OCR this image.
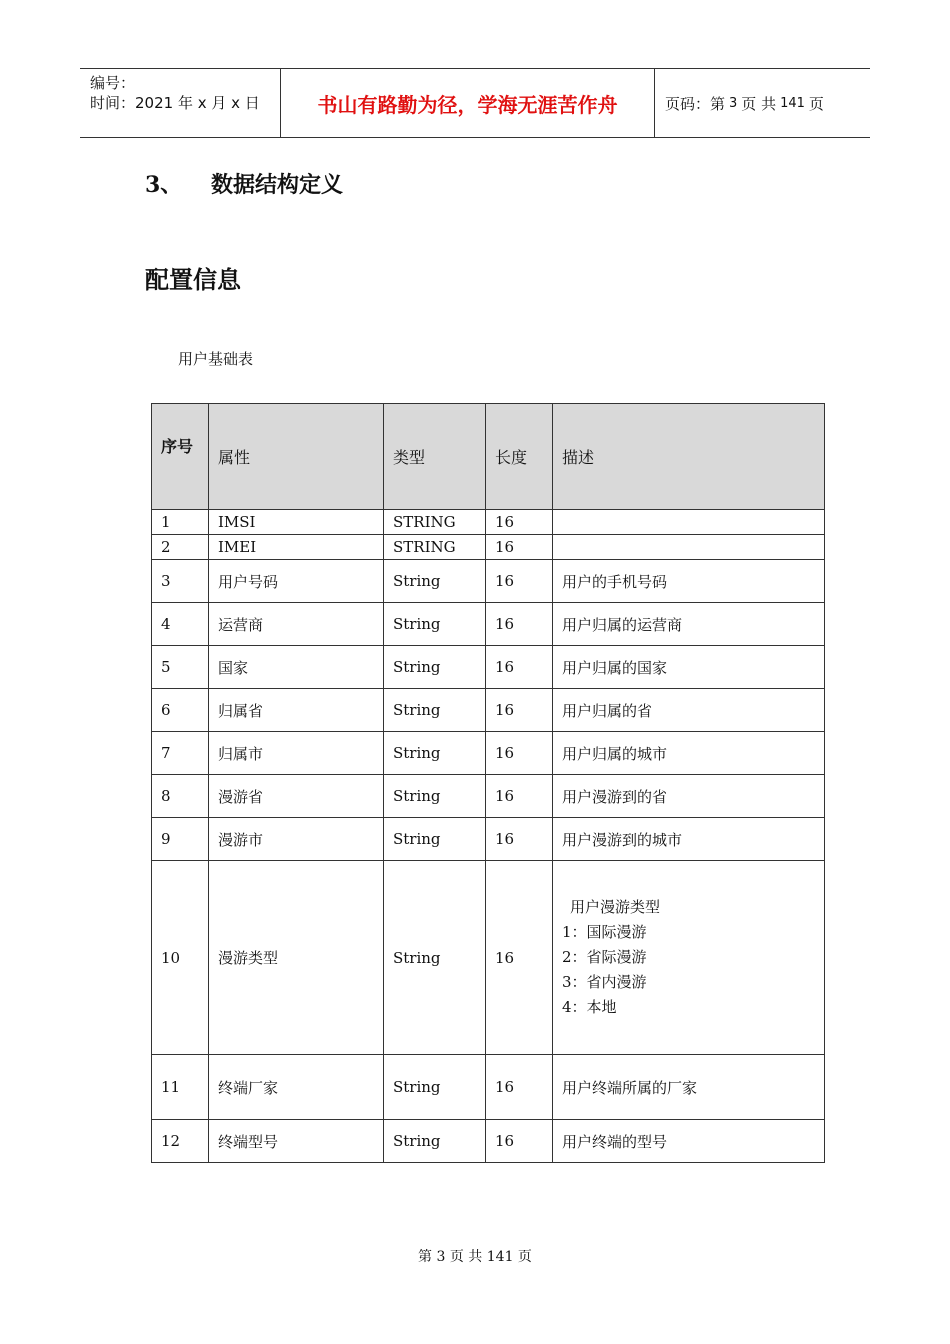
编号：
时间：2021 年 x 月 x 日	书山有路勤为径，学海无涯苦作舟	页码：第 3 页 共 141 页
3、 数据结构定义
配置信息
用户基础表
序号	属性	类型	长度	描述
1	IMSI	STRING	16	
2	IMEI	STRING	16	
3	用户号码	String	16	用户的手机号码
4	运营商	String	16	用户归属的运营商
5	国家	String	16	用户归属的国家
6	归属省	String	16	用户归属的省
7	归属市	String	16	用户归属的城市
8	漫游省	String	16	用户漫游到的省
9	漫游市	String	16	用户漫游到的城市
10	漫游类型	String	16	用户漫游类型
1：国际漫游
2：省际漫游
3：省内漫游
4：本地

11	终端厂家	String	16	用户终端所属的厂家
12	终端型号	String	16	用户终端的型号
第 3 页 共 141 页
